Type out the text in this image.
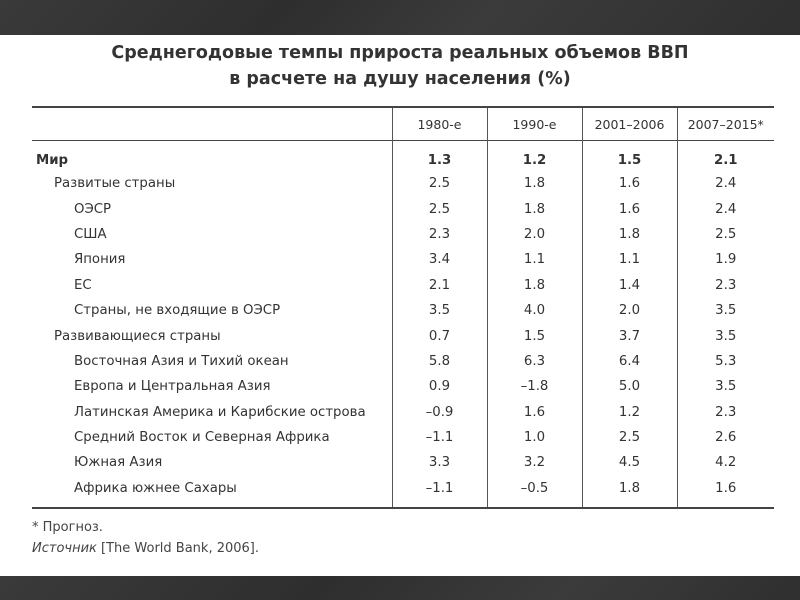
Среднегодовые темпы прироста реальных объемов ВВП
в расчете на душу населения (%)
	1980-е	1990-е	2001–2006	2007–2015*
Мир	1.3	1.2	1.5	2.1
Развитые страны	2.5	1.8	1.6	2.4
ОЭСР	2.5	1.8	1.6	2.4
США	2.3	2.0	1.8	2.5
Япония	3.4	1.1	1.1	1.9
ЕС	2.1	1.8	1.4	2.3
Страны, не входящие в ОЭСР	3.5	4.0	2.0	3.5
Развивающиеся страны	0.7	1.5	3.7	3.5
Восточная Азия и Тихий океан	5.8	6.3	6.4	5.3
Европа и Центральная Азия	0.9	–1.8	5.0	3.5
Латинская Америка и Карибские острова	–0.9	1.6	1.2	2.3
Средний Восток и Северная Африка	–1.1	1.0	2.5	2.6
Южная Азия	3.3	3.2	4.5	4.2
Африка южнее Сахары	–1.1	–0.5	1.8	1.6
* Прогноз.
Источник [The World Bank, 2006].
